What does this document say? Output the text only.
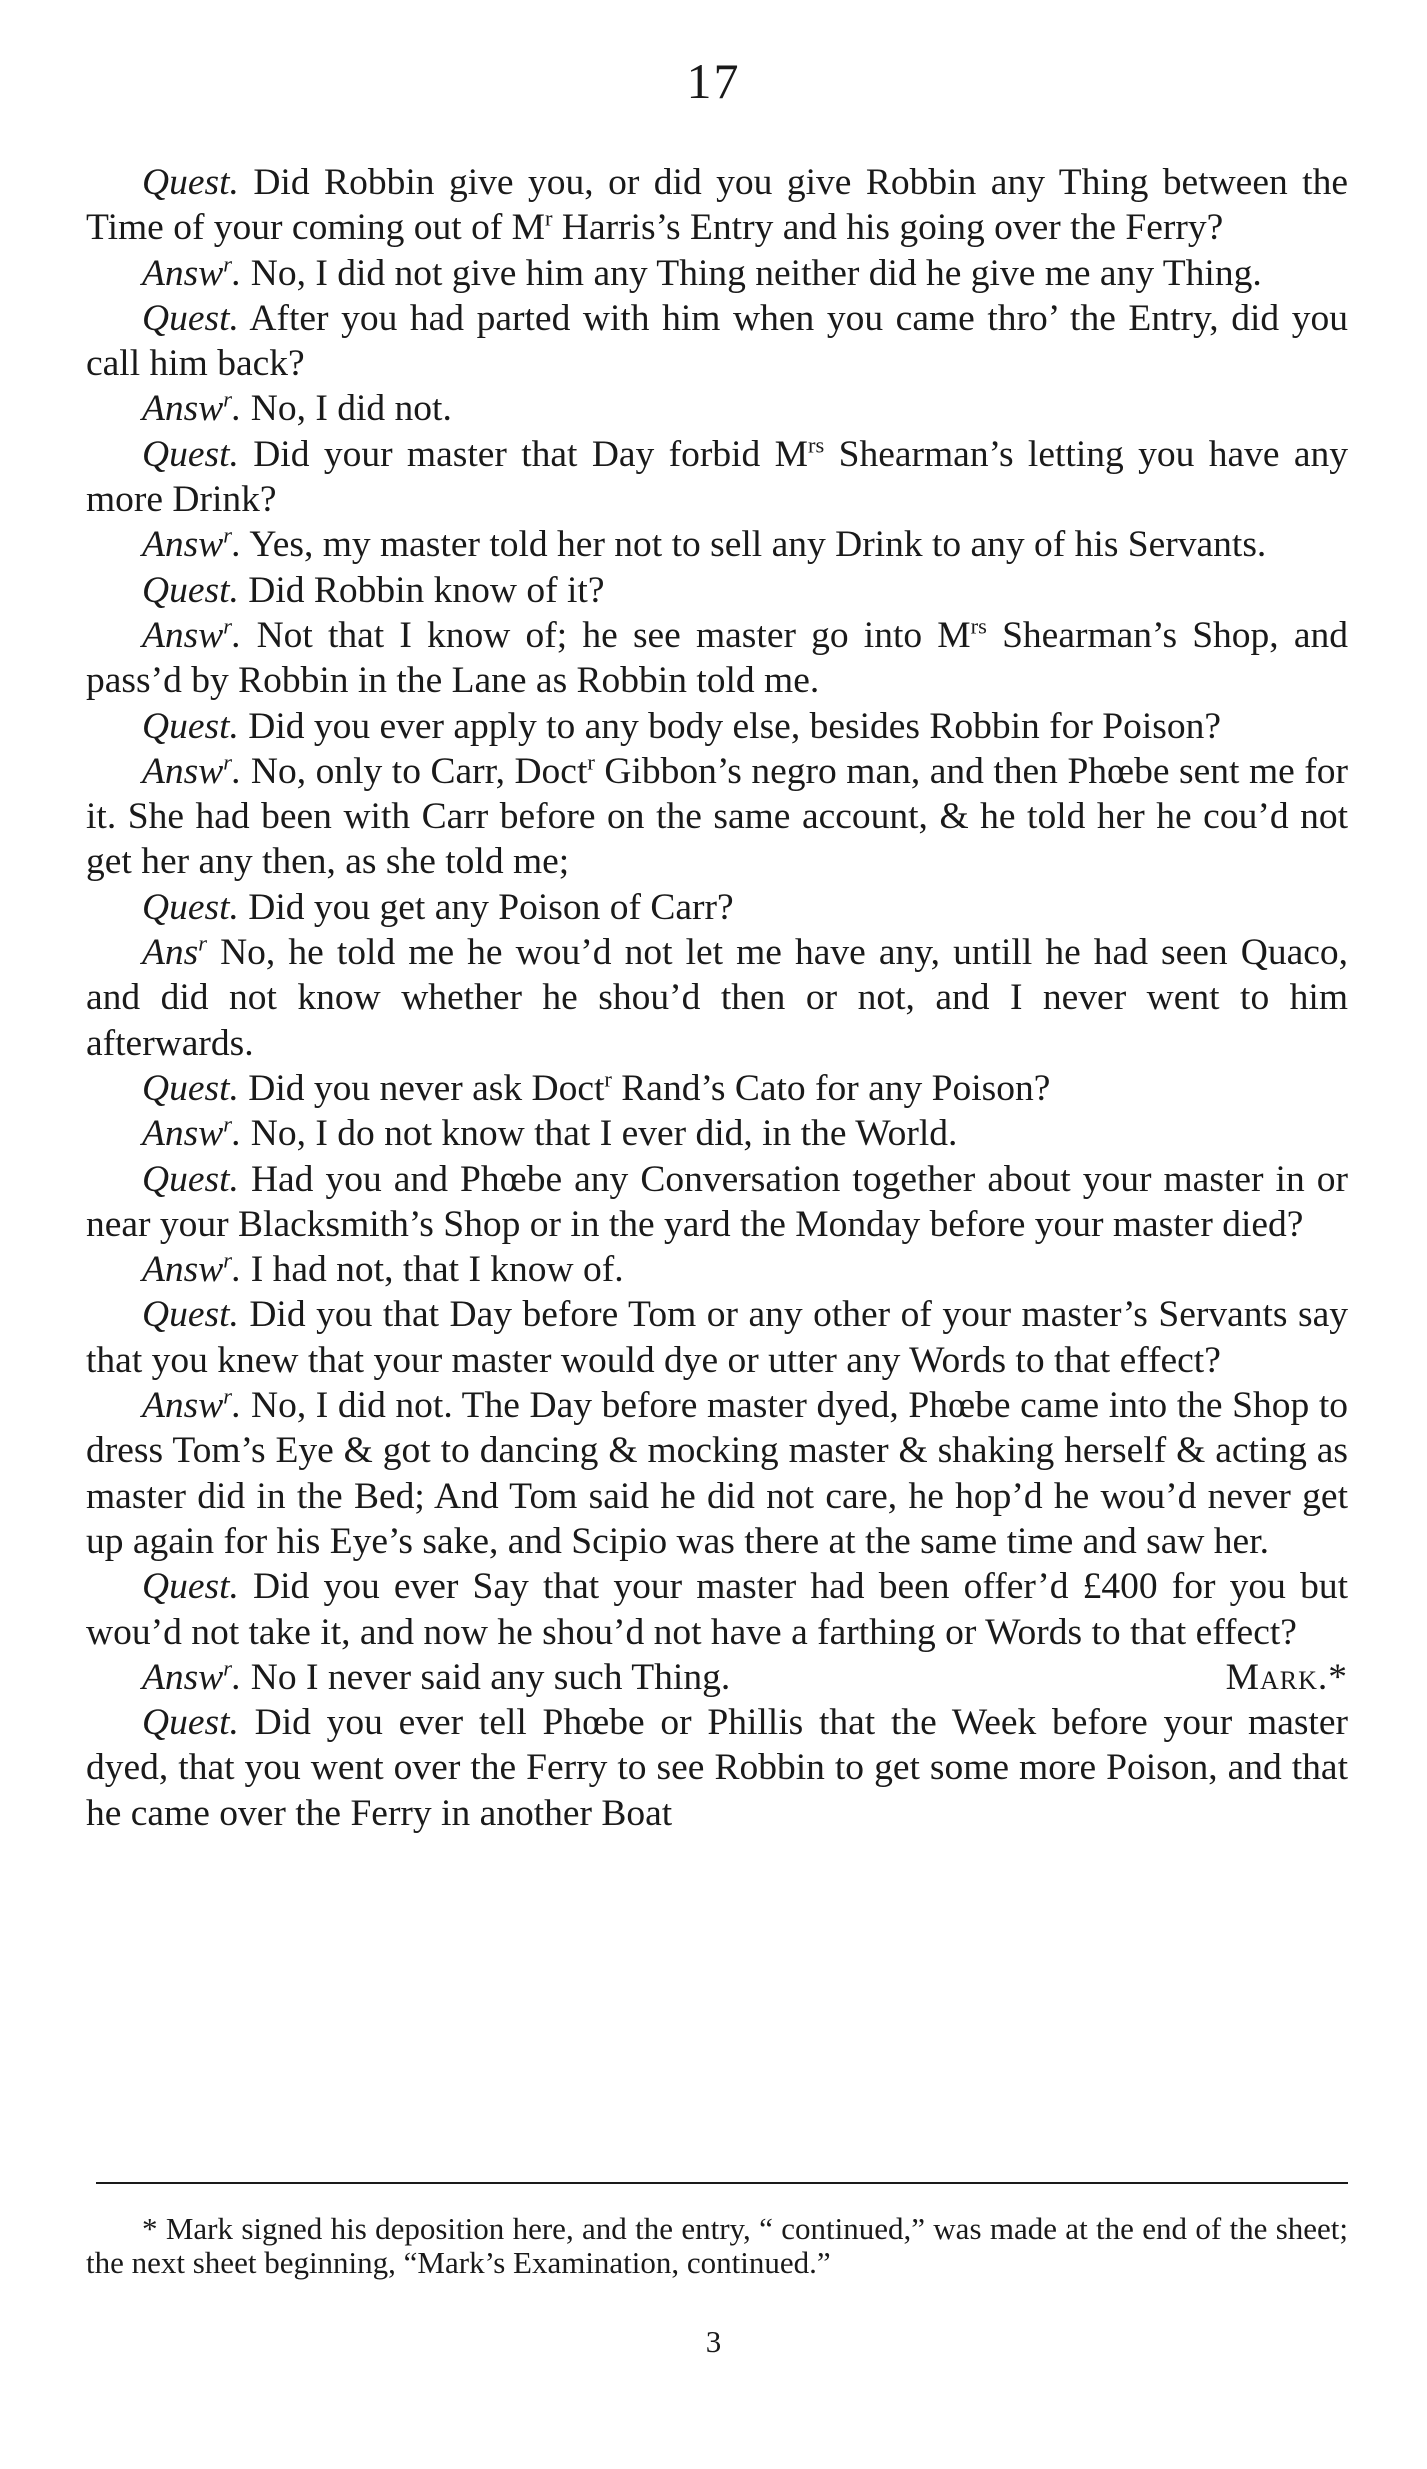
17

Quest. Did Robbin give you, or did you give Robbin any Thing between the Time of your coming out of $M^r$ Harris’s Entry and his going over the Ferry?

Answ$^r$. No, I did not give him any Thing neither did he give me any Thing.

Quest. After you had parted with him when you came thro’ the Entry, did you call him back?

Answ$^r$. No, I did not.

Quest. Did your master that Day forbid $M^{rs}$ Shearman’s letting you have any more Drink?

Answ$^r$. Yes, my master told her not to sell any Drink to any of his Servants.

Quest. Did Robbin know of it?

Answ$^r$. Not that I know of; he see master go into $M^{rs}$ Shearman’s Shop, and pass’d by Robbin in the Lane as Robbin told me.

Quest. Did you ever apply to any body else, besides Robbin for Poison?

Answ$^r$. No, only to Carr, Doct$^r$ Gibbon’s negro man, and then Phœbe sent me for it. She had been with Carr before on the same account, & he told her he cou’d not get her any then, as she told me;

Quest. Did you get any Poison of Carr?

Ans$^r$ No, he told me he wou’d not let me have any, untill he had seen Quaco, and did not know whether he shou’d then or not, and I never went to him afterwards.

Quest. Did you never ask Doct$^r$ Rand’s Cato for any Poison?

Answ$^r$. No, I do not know that I ever did, in the World.

Quest. Had you and Phœbe any Conversation together about your master in or near your Blacksmith’s Shop or in the yard the Monday before your master died?

Answ$^r$. I had not, that I know of.

Quest. Did you that Day before Tom or any other of your master’s Servants say that you knew that your master would dye or utter any Words to that effect?

Answ$^r$. No, I did not. The Day before master dyed, Phœbe came into the Shop to dress Tom’s Eye & got to dancing & mocking master & shaking herself & acting as master did in the Bed; And Tom said he did not care, he hop’d he wou’d never get up again for his Eye’s sake, and Scipio was there at the same time and saw her.

Quest. Did you ever Say that your master had been offer’d £400 for you but wou’d not take it, and now he shou’d not have a farthing or Words to that effect?

Mark.*
Answ$^r$. No I never said any such Thing.

Quest. Did you ever tell Phœbe or Phillis that the Week before your master dyed, that you went over the Ferry to see Robbin to get some more Poison, and that he came over the Ferry in another Boat

* Mark signed his deposition here, and the entry, “ continued,” was made at the end of the sheet; the next sheet beginning, “Mark’s Examination, continued.”

3
